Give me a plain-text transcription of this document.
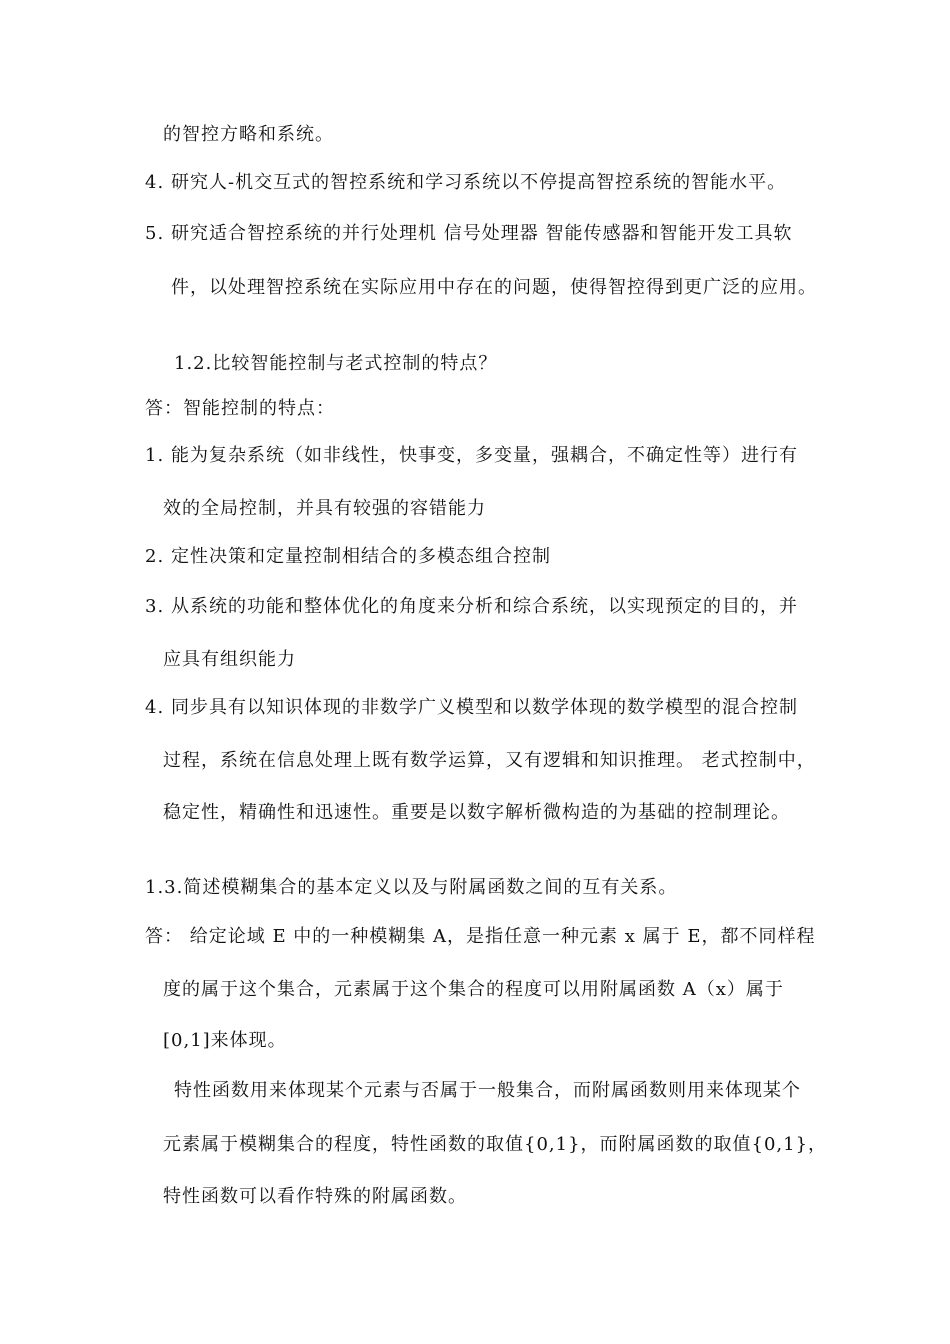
的智控方略和系统。
4. 研究人-机交互式的智控系统和学习系统以不停提高智控系统的智能水平。
5. 研究适合智控系统的并行处理机 信号处理器 智能传感器和智能开发工具软
件，以处理智控系统在实际应用中存在的问题，使得智控得到更广泛的应用。
1.2.比较智能控制与老式控制的特点？
答：智能控制的特点：
1. 能为复杂系统（如非线性，快事变，多变量，强耦合，不确定性等）进行有
效的全局控制，并具有较强的容错能力
2. 定性决策和定量控制相结合的多模态组合控制
3. 从系统的功能和整体优化的角度来分析和综合系统，以实现预定的目的，并
应具有组织能力
4. 同步具有以知识体现的非数学广义模型和以数学体现的数学模型的混合控制
过程，系统在信息处理上既有数学运算，又有逻辑和知识推理。 老式控制中，
稳定性，精确性和迅速性。重要是以数字解析微构造的为基础的控制理论。
1.3.简述模糊集合的基本定义以及与附属函数之间的互有关系。
答： 给定论域 E 中的一种模糊集 A，是指任意一种元素 x 属于 E，都不同样程
度的属于这个集合，元素属于这个集合的程度可以用附属函数 A（x）属于
[0,1]来体现。
特性函数用来体现某个元素与否属于一般集合，而附属函数则用来体现某个
元素属于模糊集合的程度，特性函数的取值{0,1}，而附属函数的取值{0,1}，
特性函数可以看作特殊的附属函数。
